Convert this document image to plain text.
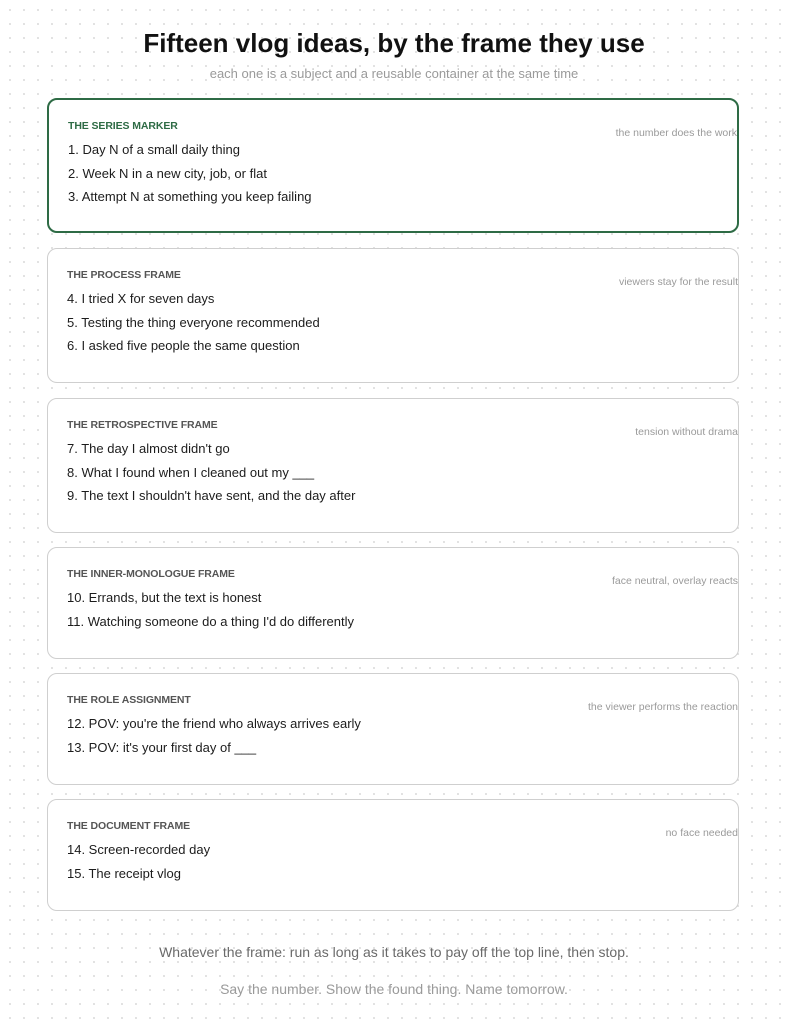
Fifteen vlog ideas, by the frame they use

each one is a subject and a reusable container at the same time

THE SERIES MARKER
the number does the work
1. Day N of a small daily thing
2. Week N in a new city, job, or flat
3. Attempt N at something you keep failing
THE PROCESS FRAME
viewers stay for the result
4. I tried X for seven days
5. Testing the thing everyone recommended
6. I asked five people the same question
THE RETROSPECTIVE FRAME
tension without drama
7. The day I almost didn't go
8. What I found when I cleaned out my ___
9. The text I shouldn't have sent, and the day after
THE INNER-MONOLOGUE FRAME
face neutral, overlay reacts
10. Errands, but the text is honest
11. Watching someone do a thing I'd do differently
THE ROLE ASSIGNMENT
the viewer performs the reaction
12. POV: you're the friend who always arrives early
13. POV: it's your first day of ___
THE DOCUMENT FRAME
no face needed
14. Screen-recorded day
15. The receipt vlog

Whatever the frame: run as long as it takes to pay off the top line, then stop.

Say the number. Show the found thing. Name tomorrow.
